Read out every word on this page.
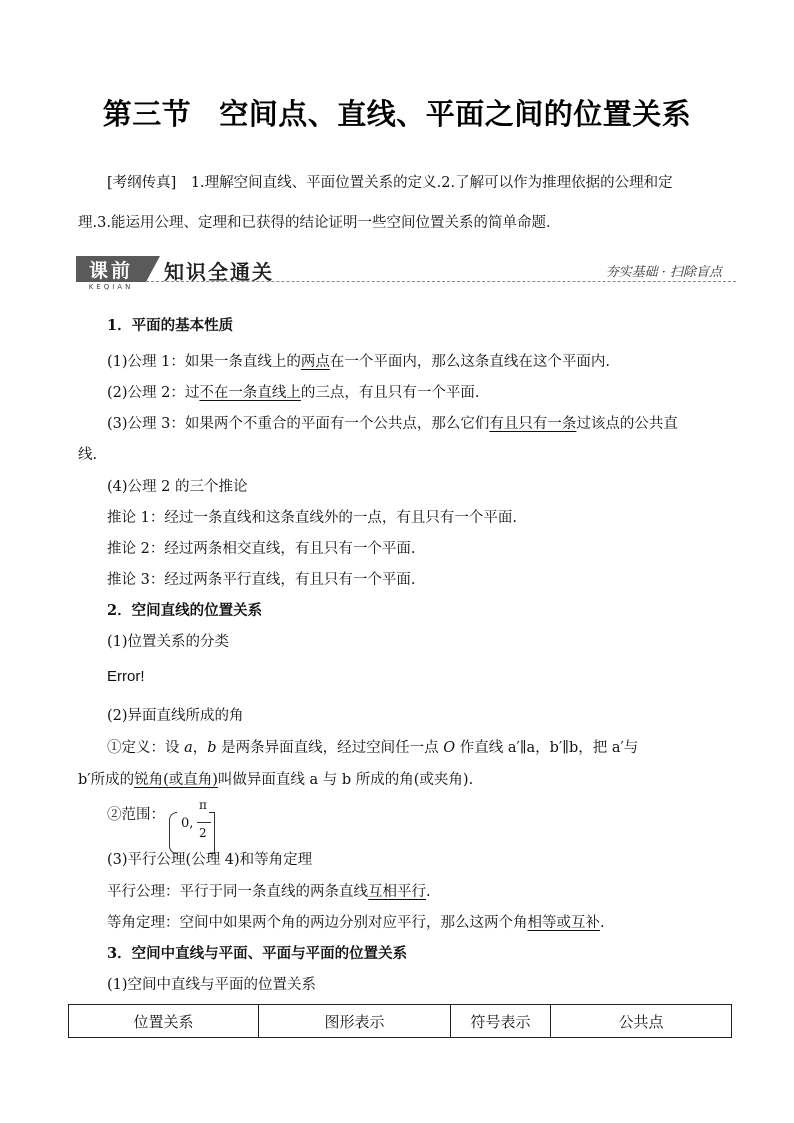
第三节 空间点、直线、平面之间的位置关系

[考纲传真]　1.理解空间直线、平面位置关系的定义.2.了解可以作为推理依据的公理和定

理.3.能运用公理、定理和已获得的结论证明一些空间位置关系的简单命题．

课前
KEQIAN
知识全通关	夯实基础 · 扫除盲点

1．平面的基本性质

(1)公理 1：如果一条直线上的两点在一个平面内，那么这条直线在这个平面内.

(2)公理 2：过不在一条直线上的三点，有且只有一个平面.

(3)公理 3：如果两个不重合的平面有一个公共点，那么它们有且只有一条过该点的公共直

线.

(4)公理 2 的三个推论

推论 1：经过一条直线和这条直线外的一点，有且只有一个平面.

推论 2：经过两条相交直线，有且只有一个平面.

推论 3：经过两条平行直线，有且只有一个平面.

2．空间直线的位置关系

(1)位置关系的分类

Error!

(2)异面直线所成的角

①定义：设 a，b 是两条异面直线，经过空间任一点 O 作直线 a′∥a，b′∥b，把 a′与

b′所成的锐角(或直角)叫做异面直线 a 与 b 所成的角(或夹角).

②范围：
0,
π
2

(3)平行公理(公理 4)和等角定理

平行公理：平行于同一条直线的两条直线互相平行.

等角定理：空间中如果两个角的两边分别对应平行，那么这两个角相等或互补.

3．空间中直线与平面、平面与平面的位置关系

(1)空间中直线与平面的位置关系

位置关系	图形表示	符号表示	公共点
